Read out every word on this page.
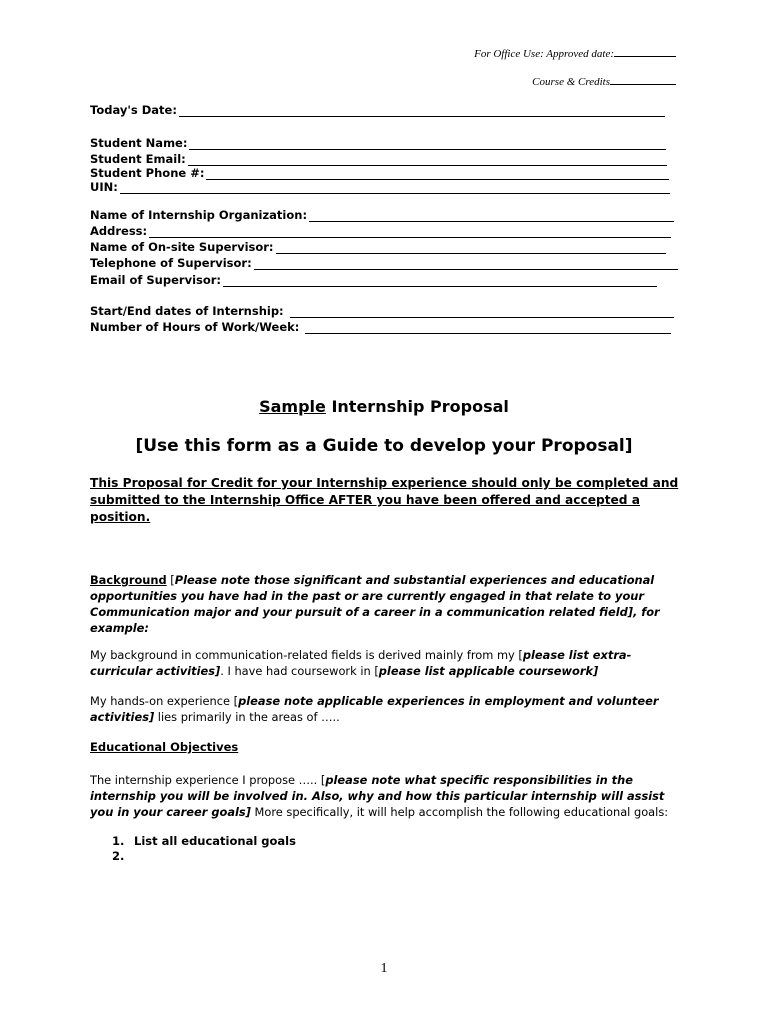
For Office Use: Approved date:
Course & Credits
Today's Date:
Student Name:
Student Email:
Student Phone #:
UIN:
Name of Internship Organization:
Address:
Name of On-site Supervisor:
Telephone of Supervisor:
Email of Supervisor:
Start/End dates of Internship:
Number of Hours of Work/Week:
Sample Internship Proposal
[Use this form as a Guide to develop your Proposal]
This Proposal for Credit for your Internship experience should only be completed and submitted to the Internship Office AFTER you have been offered and accepted a position.
Background [Please note those significant and substantial experiences and educational opportunities you have had in the past or are currently engaged in that relate to your Communication major and your pursuit of a career in a communication related field], for example:
My background in communication-related fields is derived mainly from my [please list extra-curricular activities]. I have had coursework in [please list applicable coursework]
My hands-on experience [please note applicable experiences in employment and volunteer activities] lies primarily in the areas of …..
Educational Objectives
The internship experience I propose ….. [please note what specific responsibilities in the internship you will be involved in. Also, why and how this particular internship will assist you in your career goals] More specifically, it will help accomplish the following educational goals:
1. List all educational goals
2.
1
